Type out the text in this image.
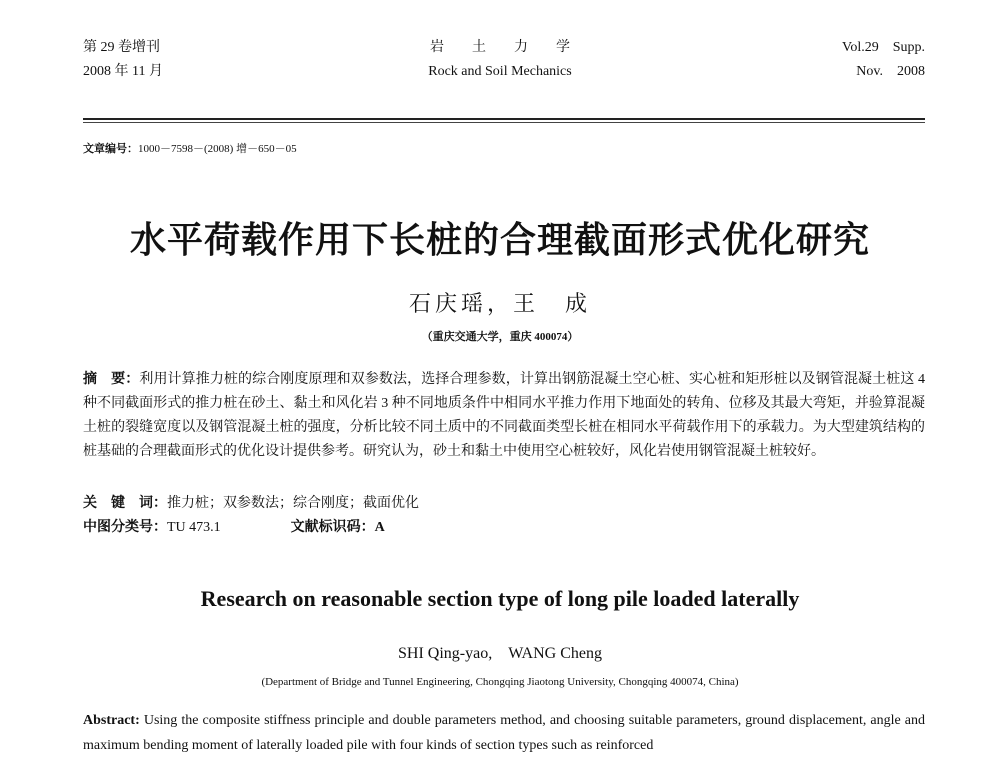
第 29 卷增刊
2008 年 11 月
岩　　土　　力　　学
Rock and Soil Mechanics
Vol.29　Supp.
Nov.　2008
文章编号：1000－7598－(2008) 增－650－05
水平荷载作用下长桩的合理截面形式优化研究
石庆瑶，王　成
（重庆交通大学，重庆 400074）
摘　要：利用计算推力桩的综合刚度原理和双参数法，选择合理参数，计算出钢筋混凝土空心桩、实心桩和矩形桩以及钢管混凝土桩这 4 种不同截面形式的推力桩在砂土、黏土和风化岩 3 种不同地质条件中相同水平推力作用下地面处的转角、位移及其最大弯矩，并验算混凝土桩的裂缝宽度以及钢管混凝土桩的强度，分析比较不同土质中的不同截面类型长桩在相同水平荷载作用下的承载力。为大型建筑结构的桩基础的合理截面形式的优化设计提供参考。研究认为，砂土和黏土中使用空心桩较好，风化岩使用钢管混凝土桩较好。
关　键　词：推力桩；双参数法；综合刚度；截面优化
中图分类号：TU 473.1	文献标识码：A
Research on reasonable section type of long pile loaded laterally
SHI Qing-yao,　WANG Cheng
(Department of Bridge and Tunnel Engineering, Chongqing Jiaotong University, Chongqing 400074, China)
Abstract: Using the composite stiffness principle and double parameters method, and choosing suitable parameters, ground displacement, angle and maximum bending moment of laterally loaded pile with four kinds of section types such as reinforced
